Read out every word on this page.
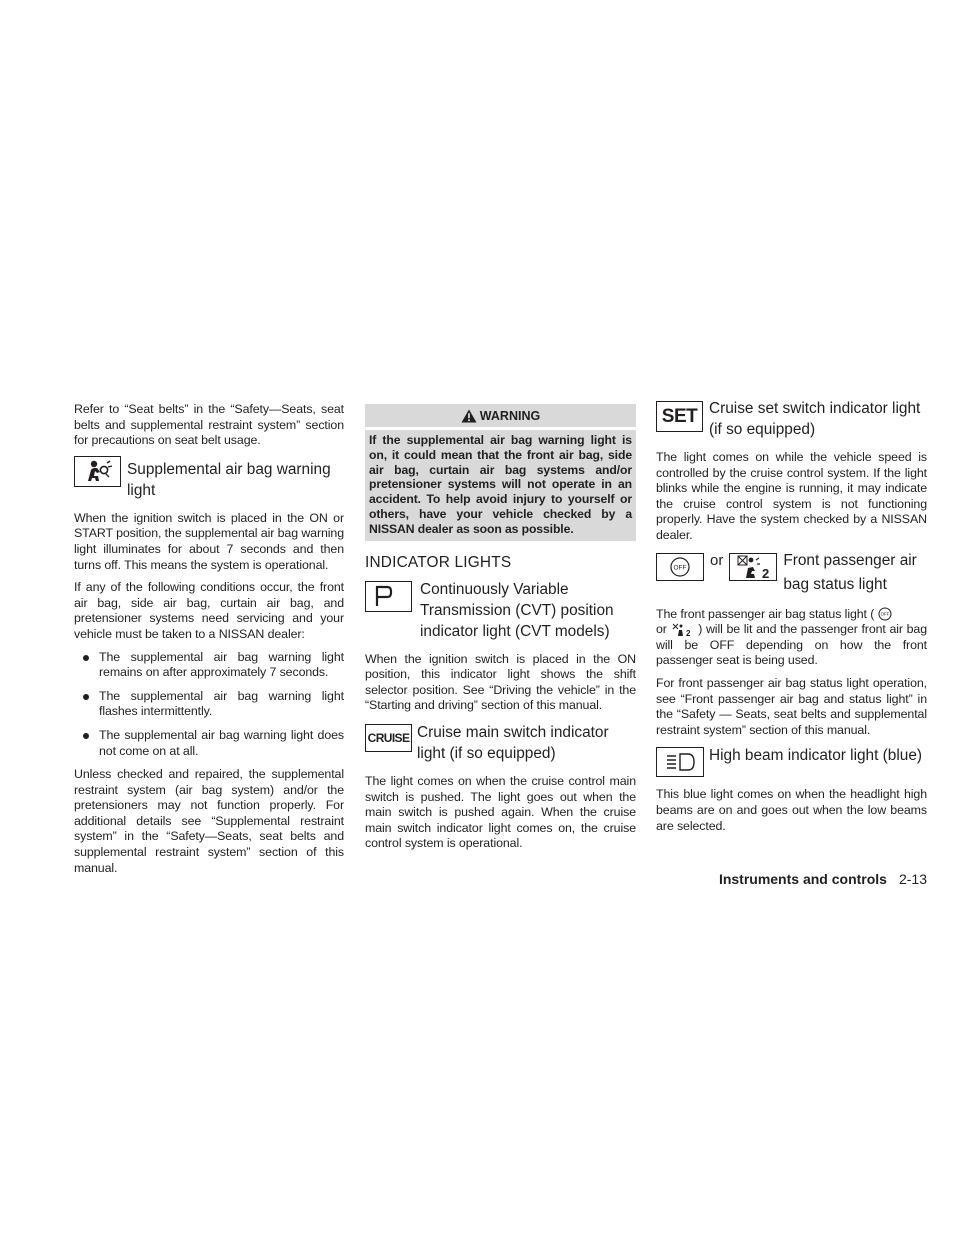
Refer to “Seat belts” in the “Safety—Seats, seat belts and supplemental restraint system” section for precautions on seat belt usage.

Supplemental air bag warning light

When the ignition switch is placed in the ON or START position, the supplemental air bag warning light illuminates for about 7 seconds and then turns off. This means the system is operational.

If any of the following conditions occur, the front air bag, side air bag, curtain air bag, and pretensioner systems need servicing and your vehicle must be taken to a NISSAN dealer:

The supplemental air bag warning light remains on after approximately 7 seconds.
The supplemental air bag warning light flashes intermittently.
The supplemental air bag warning light does not come on at all.

Unless checked and repaired, the supplemental restraint system (air bag system) and/or the pretensioners may not function properly. For additional details see “Supplemental restraint system” in the “Safety—Seats, seat belts and supplemental restraint system” section of this manual.

WARNING
If the supplemental air bag warning light is on, it could mean that the front air bag, side air bag, curtain air bag systems and/or pretensioner systems will not operate in an accident. To help avoid injury to yourself or others, have your vehicle checked by a NISSAN dealer as soon as possible.
INDICATOR LIGHTS
Continuously Variable Transmission (CVT) position indicator light (CVT models)

When the ignition switch is placed in the ON position, this indicator light shows the shift selector position. See “Driving the vehicle” in the “Starting and driving” section of this manual.

CRUISE Cruise main switch indicator light (if so equipped)

The light comes on when the cruise control main switch is pushed. The light goes out when the main switch is pushed again. When the cruise main switch indicator light comes on, the cruise control system is operational.

SET Cruise set switch indicator light (if so equipped)

The light comes on while the vehicle speed is controlled by the cruise control system. If the light blinks while the engine is running, it may indicate the cruise control system is not functioning properly. Have the system checked by a NISSAN dealer.

OFF or
2
Front passenger air bag status light

The front passenger air bag status light ( OFF

or 2 ) will be lit and the passenger front air bag will be OFF depending on how the front passenger seat is being used.

For front passenger air bag status light operation, see “Front passenger air bag and status light” in the “Safety — Seats, seat belts and supplemental restraint system” section of this manual.

High beam indicator light (blue)

This blue light comes on when the headlight high beams are on and goes out when the low beams are selected.

Instruments and controls 2-13
